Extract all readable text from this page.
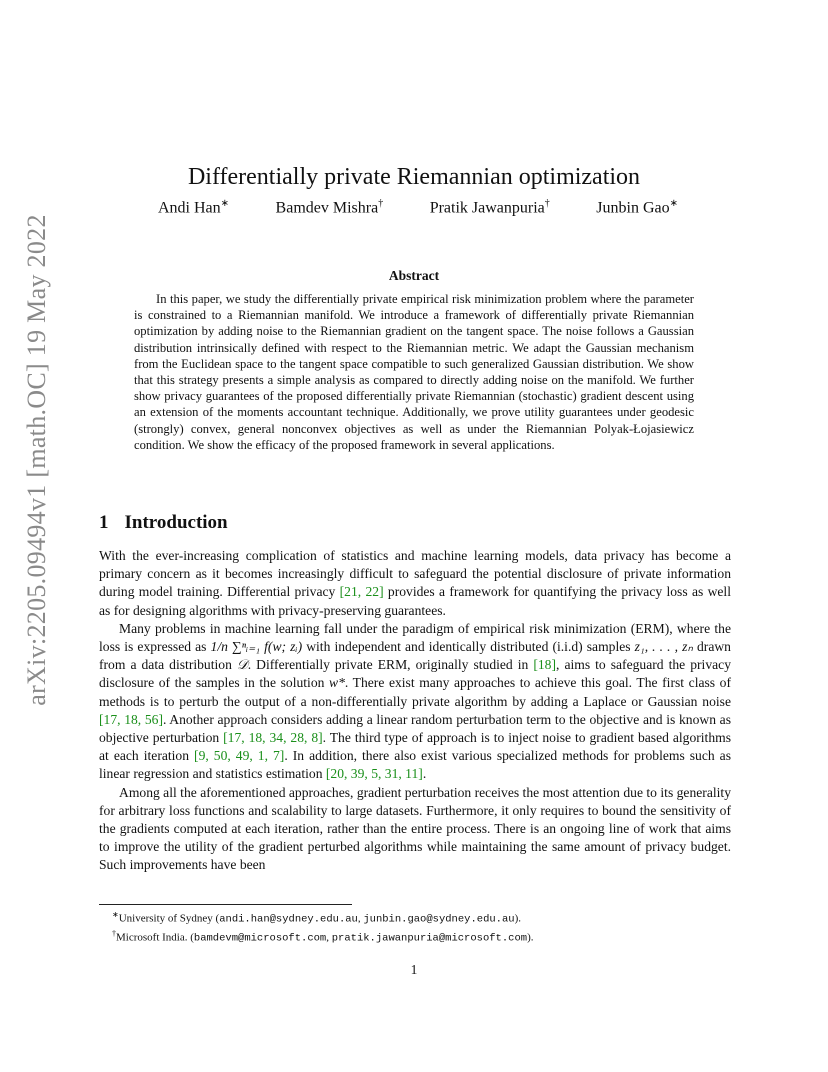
arXiv:2205.09494v1 [math.OC] 19 May 2022
Differentially private Riemannian optimization
Andi Han∗	Bamdev Mishra†	Pratik Jawanpuria†	Junbin Gao∗
Abstract

In this paper, we study the differentially private empirical risk minimization problem where the parameter is constrained to a Riemannian manifold. We introduce a framework of differentially private Riemannian optimization by adding noise to the Riemannian gradient on the tangent space. The noise follows a Gaussian distribution intrinsically defined with respect to the Riemannian metric. We adapt the Gaussian mechanism from the Euclidean space to the tangent space compatible to such generalized Gaussian distribution. We show that this strategy presents a simple analysis as compared to directly adding noise on the manifold. We further show privacy guarantees of the proposed differentially private Riemannian (stochastic) gradient descent using an extension of the moments accountant technique. Additionally, we prove utility guarantees under geodesic (strongly) convex, general nonconvex objectives as well as under the Riemannian Polyak-Łojasiewicz condition. We show the efficacy of the proposed framework in several applications.

1 Introduction

With the ever-increasing complication of statistics and machine learning models, data privacy has become a primary concern as it becomes increasingly difficult to safeguard the potential disclosure of private information during model training. Differential privacy [21, 22] provides a framework for quantifying the privacy loss as well as for designing algorithms with privacy-preserving guarantees.

Many problems in machine learning fall under the paradigm of empirical risk minimization (ERM), where the loss is expressed as 1/n ∑ⁿᵢ₌₁ f(w; zᵢ) with independent and identically distributed (i.i.d) samples z₁, . . . , zₙ drawn from a data distribution 𝒟. Differentially private ERM, originally studied in [18], aims to safeguard the privacy disclosure of the samples in the solution w*. There exist many approaches to achieve this goal. The first class of methods is to perturb the output of a non-differentially private algorithm by adding a Laplace or Gaussian noise [17, 18, 56]. Another approach considers adding a linear random perturbation term to the objective and is known as objective perturbation [17, 18, 34, 28, 8]. The third type of approach is to inject noise to gradient based algorithms at each iteration [9, 50, 49, 1, 7]. In addition, there also exist various specialized methods for problems such as linear regression and statistics estimation [20, 39, 5, 31, 11].

Among all the aforementioned approaches, gradient perturbation receives the most attention due to its generality for arbitrary loss functions and scalability to large datasets. Furthermore, it only requires to bound the sensitivity of the gradients computed at each iteration, rather than the entire process. There is an ongoing line of work that aims to improve the utility of the gradient perturbed algorithms while maintaining the same amount of privacy budget. Such improvements have been

∗University of Sydney (andi.han@sydney.edu.au, junbin.gao@sydney.edu.au).
†Microsoft India. (bamdevm@microsoft.com, pratik.jawanpuria@microsoft.com).
1
